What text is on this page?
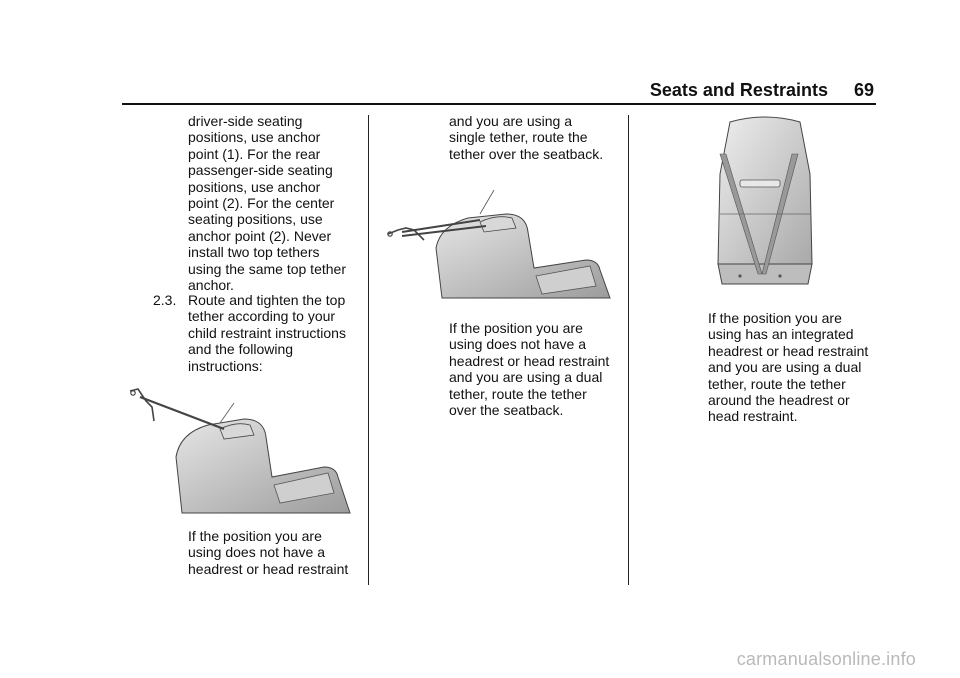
Seats and Restraints 69
driver-side seating
positions, use anchor
point (1). For the rear
passenger-side seating
positions, use anchor
point (2). For the center
seating positions, use
anchor point (2). Never
install two top tethers
using the same top tether
anchor.
2.3. Route and tighten the top
tether according to your
child restraint instructions
and the following
instructions:
If the position you are
using does not have a
headrest or head restraint
and you are using a
single tether, route the
tether over the seatback.
If the position you are
using does not have a
headrest or head restraint
and you are using a dual
tether, route the tether
over the seatback.
If the position you are
using has an integrated
headrest or head restraint
and you are using a dual
tether, route the tether
around the headrest or
head restraint.
carmanualsonline.info
